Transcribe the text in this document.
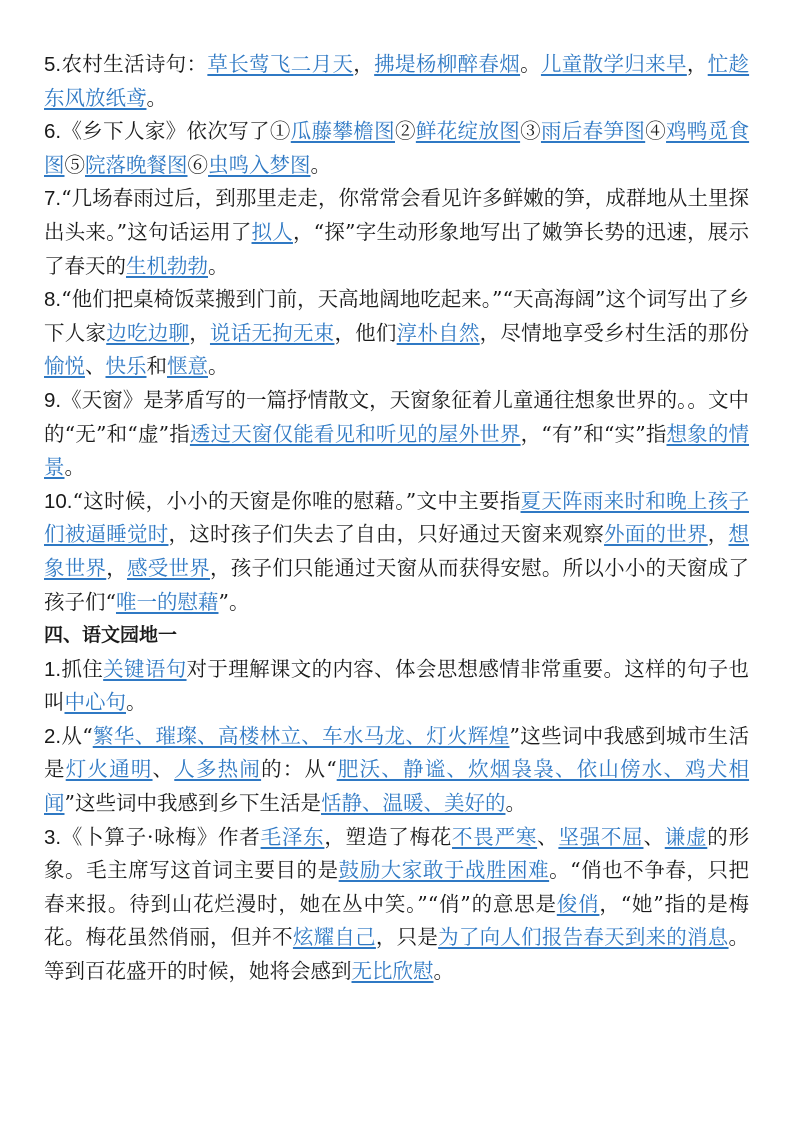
5.农村生活诗句：草长莺飞二月天，拂堤杨柳醉春烟。儿童散学归来早，忙趁东风放纸鸢。

6.《乡下人家》依次写了①瓜藤攀檐图②鲜花绽放图③雨后春笋图④鸡鸭觅食图⑤院落晚餐图⑥虫鸣入梦图。

7.“几场春雨过后，到那里走走，你常常会看见许多鲜嫩的笋，成群地从土里探出头来。”这句话运用了拟人，“探”字生动形象地写出了嫩笋长势的迅速，展示了春天的生机勃勃。

8.“他们把桌椅饭菜搬到门前，天高地阔地吃起来。”“天高海阔”这个词写出了乡下人家边吃边聊，说话无拘无束，他们淳朴自然，尽情地享受乡村生活的那份愉悦、快乐和惬意。

9.《天窗》是茅盾写的一篇抒情散文，天窗象征着儿童通往想象世界的。。文中的“无”和“虚”指透过天窗仅能看见和听见的屋外世界，“有”和“实”指想象的情景。

10.“这时候，小小的天窗是你唯的慰藉。”文中主要指夏天阵雨来时和晚上孩子们被逼睡觉时，这时孩子们失去了自由，只好通过天窗来观察外面的世界，想象世界，感受世界，孩子们只能通过天窗从而获得安慰。所以小小的天窗成了孩子们“唯一的慰藉”。

四、语文园地一

1.抓住关键语句对于理解课文的内容、体会思想感情非常重要。这样的句子也叫中心句。

2.从“繁华、璀璨、高楼林立、车水马龙、灯火辉煌”这些词中我感到城市生活是灯火通明、人多热闹的：从“肥沃、静谧、炊烟袅袅、依山傍水、鸡犬相闻”这些词中我感到乡下生活是恬静、温暖、美好的。

3.《卜算子·咏梅》作者毛泽东，塑造了梅花不畏严寒、坚强不屈、谦虚的形象。毛主席写这首词主要目的是鼓励大家敢于战胜困难。“俏也不争春，只把春来报。待到山花烂漫时，她在丛中笑。”“俏”的意思是俊俏，“她”指的是梅花。梅花虽然俏丽，但并不炫耀自己，只是为了向人们报告春天到来的消息。等到百花盛开的时候，她将会感到无比欣慰。
